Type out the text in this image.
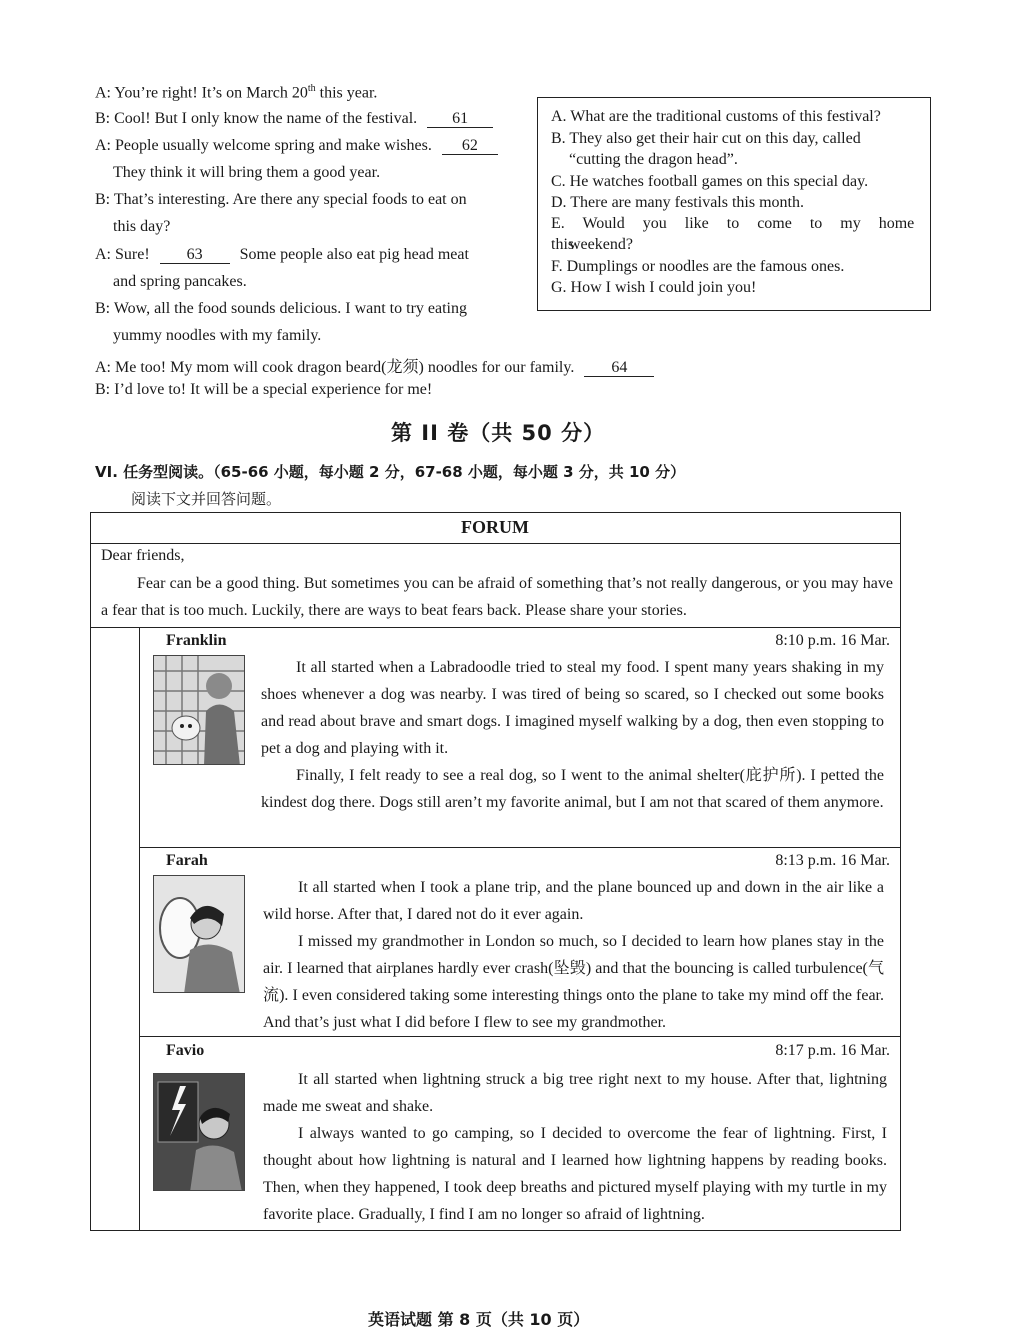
A: You’re right! It’s on March 20th this year.
B: Cool! But I only know the name of the festival. 61
A: People usually welcome spring and make wishes. 62
They think it will bring them a good year.
B: That’s interesting. Are there any special foods to eat on
this day?
A: Sure! 63 Some people also eat pig head meat
and spring pancakes.
B: Wow, all the food sounds delicious. I want to try eating
yummy noodles with my family.
A: Me too! My mom will cook dragon beard(龙须) noodles for our family. 64
B: I’d love to! It will be a special experience for me!
A. What are the traditional customs of this festival?
B. They also get their hair cut on this day, called
“cutting the dragon head”.
C. He watches football games on this special day.
D. There are many festivals this month.
E. Would you like to come to my home this
weekend?
F. Dumplings or noodles are the famous ones.
G. How I wish I could join you!
第 II 卷（共 50 分）
VI. 任务型阅读。（65-66 小题，每小题 2 分，67-68 小题，每小题 3 分，共 10 分）
阅读下文并回答问题。
FORUM
Dear friends,
Fear can be a good thing. But sometimes you can be afraid of something that’s not really dangerous, or you may have a fear that is too much. Luckily, there are ways to beat fears back. Please share your stories.
Franklin	8:10 p.m. 16 Mar.
It all started when a Labradoodle tried to steal my food. I spent many years shaking in my shoes whenever a dog was nearby. I was tired of being so scared, so I checked out some books and read about brave and smart dogs. I imagined myself walking by a dog, then even stopping to pet a dog and playing with it.
Finally, I felt ready to see a real dog, so I went to the animal shelter(庇护所). I petted the kindest dog there. Dogs still aren’t my favorite animal, but I am not that scared of them anymore.
Farah	8:13 p.m. 16 Mar.
It all started when I took a plane trip, and the plane bounced up and down in the air like a wild horse. After that, I dared not do it ever again.
I missed my grandmother in London so much, so I decided to learn how planes stay in the air. I learned that airplanes hardly ever crash(坠毁) and that the bouncing is called turbulence(气流). I even considered taking some interesting things onto the plane to take my mind off the fear. And that’s just what I did before I flew to see my grandmother.
Favio	8:17 p.m. 16 Mar.
It all started when lightning struck a big tree right next to my house. After that, lightning made me sweat and shake.
I always wanted to go camping, so I decided to overcome the fear of lightning. First, I thought about how lightning is natural and I learned how lightning happens by reading books. Then, when they happened, I took deep breaths and pictured myself playing with my turtle in my favorite place. Gradually, I find I am no longer so afraid of lightning.
英语试题 第 8 页（共 10 页）
